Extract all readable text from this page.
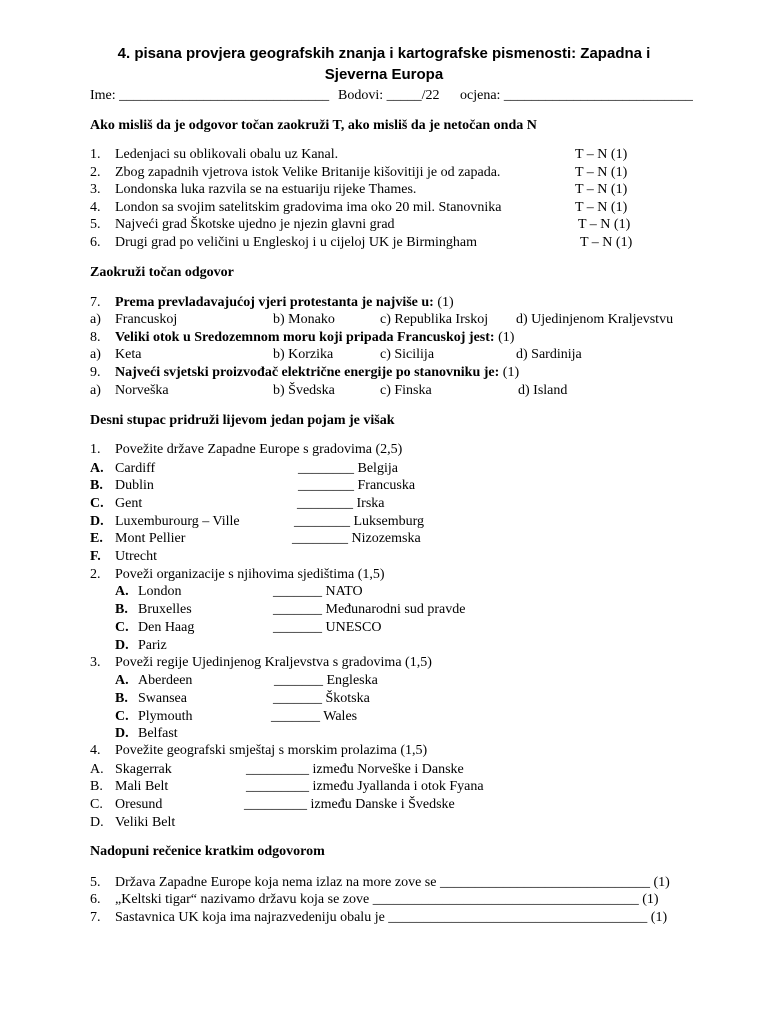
4. pisana provjera geografskih znanja i kartografske pismenosti: Zapadna i
Sjeverna Europa
Ime: ______________________________ Bodovi: _____/22 ocjena: ___________________________
Ako misliš da je odgovor točan zaokruži T, ako misliš da je netočan onda N
1. Ledenjaci su oblikovali obalu uz Kanal.	T – N (1)
2. Zbog zapadnih vjetrova istok Velike Britanije kišovitiji je od zapada.	T – N (1)
3. Londonska luka razvila se na estuariju rijeke Thames.	T – N (1)
4. London sa svojim satelitskim gradovima ima oko 20 mil. Stanovnika	T – N (1)
5. Najveći grad Škotske ujedno je njezin glavni grad	T – N (1)
6. Drugi grad po veličini u Engleskoj i u cijeloj UK je Birmingham	T – N (1)
Zaokruži točan odgovor
7. Prema prevladavajućoj vjeri protestanta je najviše u: (1)
a) Francuskoj	b) Monako	c) Republika Irskoj d) Ujedinjenom Kraljevstvu
8. Veliki otok u Sredozemnom moru koji pripada Francuskoj jest: (1)
a) Keta	b) Korzika	c) Sicilija	d) Sardinija
9. Najveći svjetski proizvođač električne energije po stanovniku je: (1)
a) Norveška	b) Švedska	c) Finska	d) Island
Desni stupac pridruži lijevom jedan pojam je višak
1. Povežite države Zapadne Europe s gradovima (2,5)
A. Cardiff	________ Belgija
B. Dublin	________ Francuska
C. Gent	________ Irska
D. Luxemburourg – Ville	________ Luksemburg
E. Mont Pellier	________ Nizozemska
F. Utrecht
2. Poveži organizacije s njihovima sjedištima (1,5)
A. London	_______ NATO
B. Bruxelles	_______ Međunarodni sud pravde
C. Den Haag	_______ UNESCO
D. Pariz
3. Poveži regije Ujedinjenog Kraljevstva s gradovima (1,5)
A. Aberdeen	_______ Engleska
B. Swansea	_______ Škotska
C. Plymouth	_______ Wales
D. Belfast
4. Povežite geografski smještaj s morskim prolazima (1,5)
A. Skagerrak	_________ između Norveške i Danske
B. Mali Belt	_________ između Jyallanda i otok Fyana
C. Oresund	_________ između Danske i Švedske
D. Veliki Belt
Nadopuni rečenice kratkim odgovorom
5. Država Zapadne Europe koja nema izlaz na more zove se ______________________________ (1)
6. „Keltski tigar“ nazivamo državu koja se zove ______________________________________ (1)
7. Sastavnica UK koja ima najrazvedeniju obalu je _____________________________________ (1)
